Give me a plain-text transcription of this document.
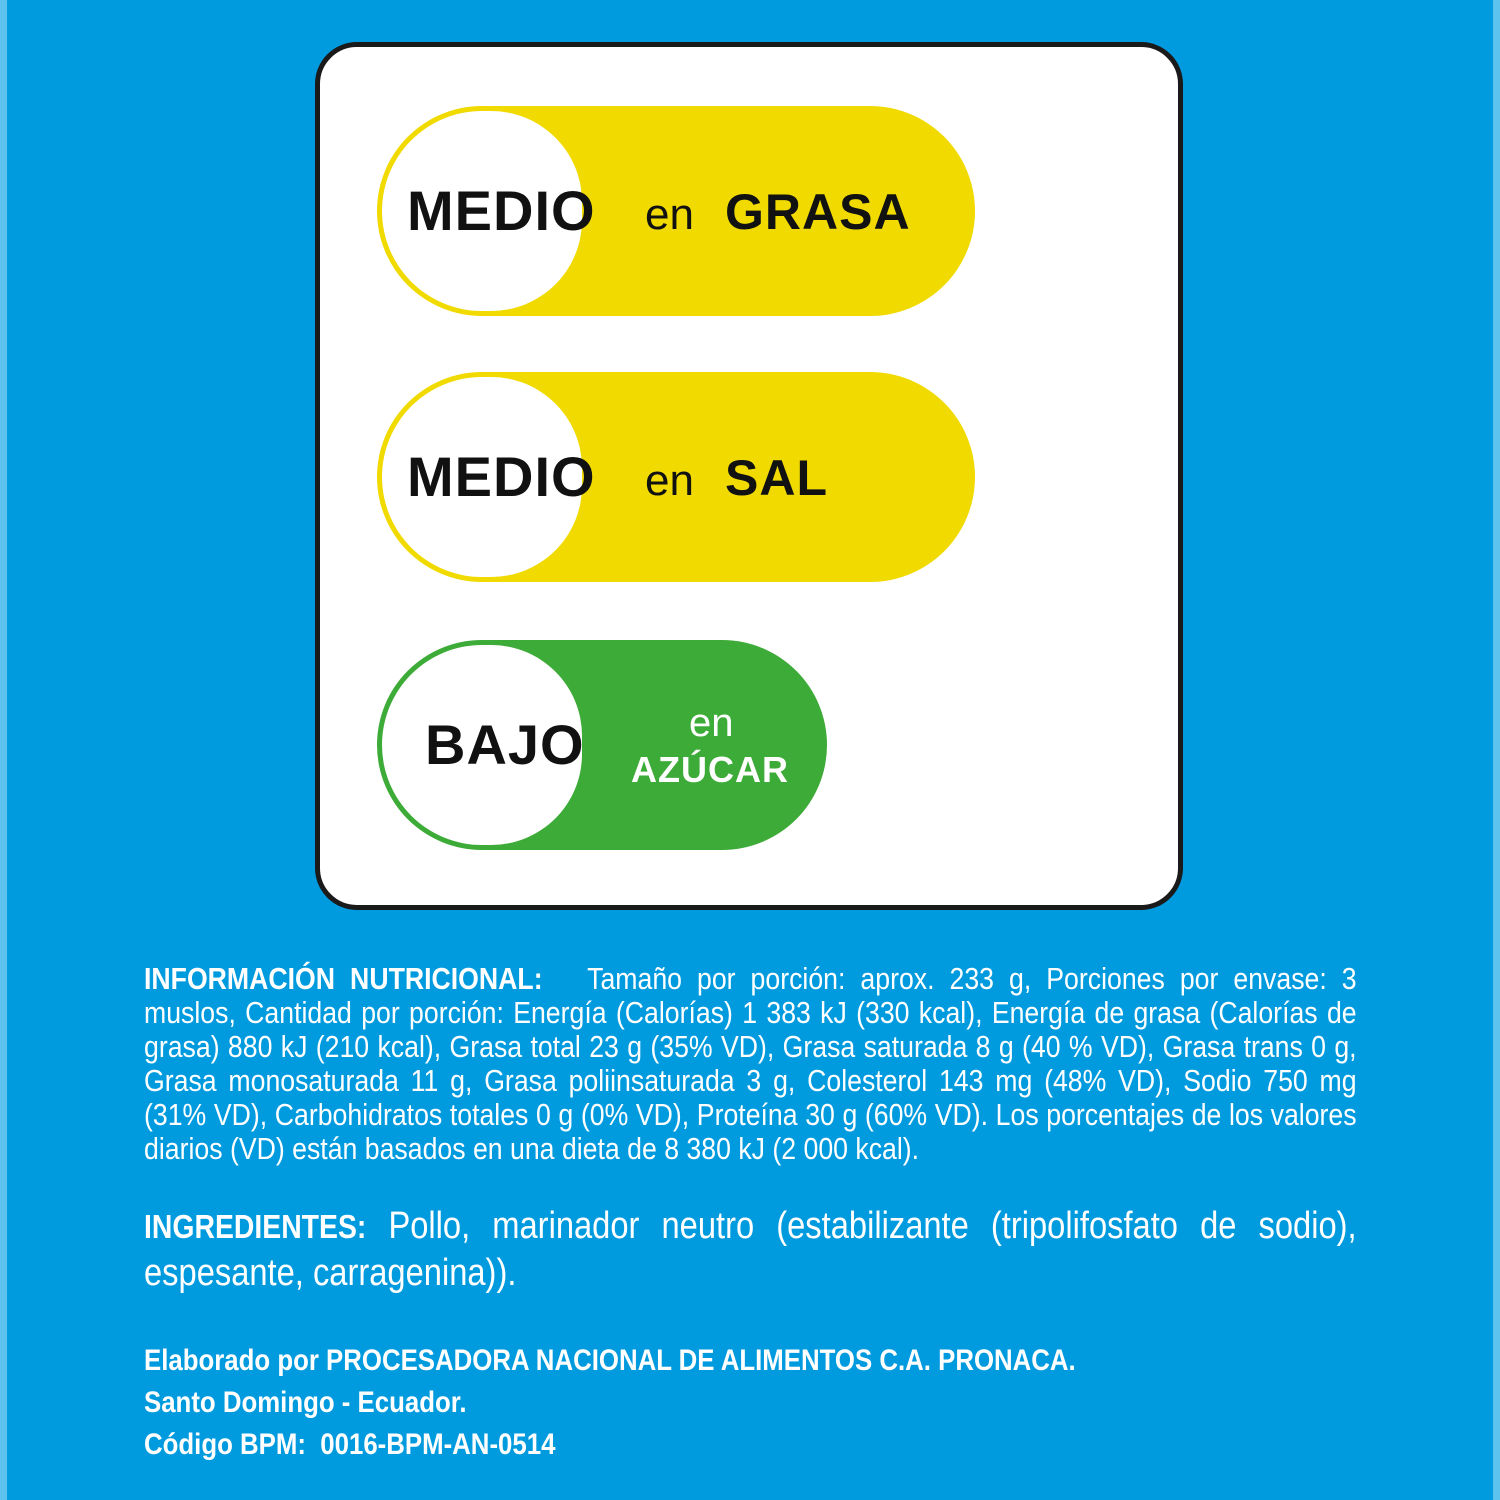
MEDIO en GRASA
MEDIO en SAL
BAJO	en
AZÚCAR
INFORMACIÓN NUTRICIONAL: Tamaño por porción: aprox. 233 g, Porciones por envase: 3 muslos, Cantidad por porción: Energía (Calorías) 1 383 kJ (330 kcal), Energía de grasa (Calorías de grasa) 880 kJ (210 kcal), Grasa total 23 g (35% VD), Grasa saturada 8 g (40 % VD), Grasa trans 0 g, Grasa monosaturada 11 g, Grasa poliinsaturada 3 g, Colesterol 143 mg (48% VD), Sodio 750 mg (31% VD), Carbohidratos totales 0 g (0% VD), Proteína 30 g (60% VD). Los porcentajes de los valores diarios (VD) están basados en una dieta de 8 380 kJ (2 000 kcal).
INGREDIENTES: Pollo, marinador neutro (estabilizante (tripolifosfato de sodio), espesante, carragenina)).
Elaborado por PROCESADORA NACIONAL DE ALIMENTOS C.A. PRONACA.
Santo Domingo - Ecuador.
Código BPM:  0016-BPM-AN-0514
